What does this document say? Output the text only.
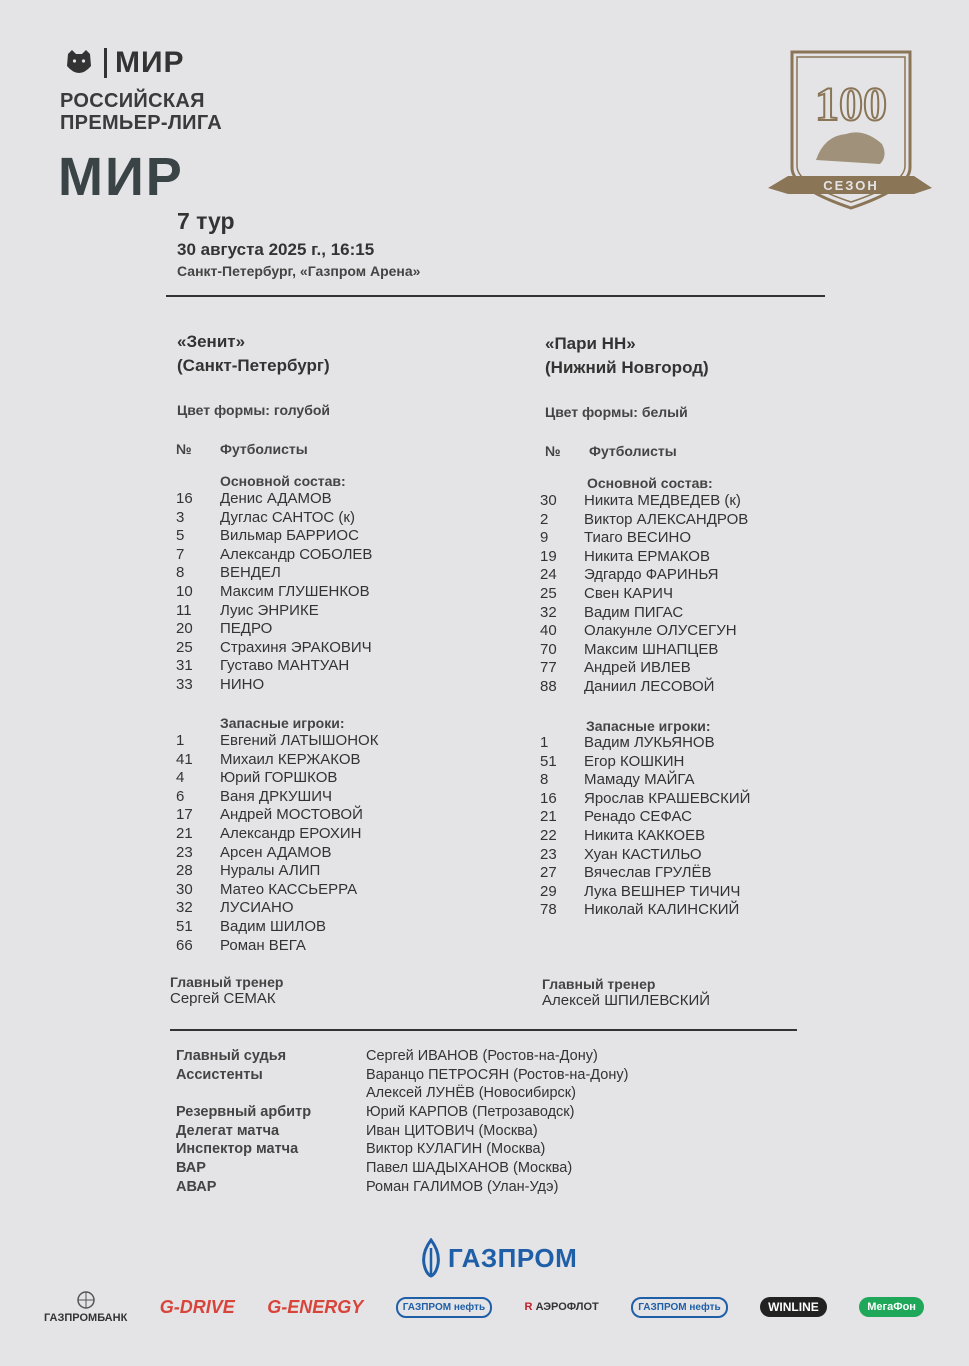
МИР
РОССИЙСКАЯ
ПРЕМЬЕР-ЛИГА
МИР
100
СЕЗОН
7 тур
30 августа 2025 г., 16:15
Санкт-Петербург, «Газпром Арена»
«Зенит»
(Санкт-Петербург)
Цвет формы: голубой
№ Футболисты
Основной состав:
16 Денис АДАМОВ
3 Дуглас САНТОС (к)
5 Вильмар БАРРИОС
7 Александр СОБОЛЕВ
8 ВЕНДЕЛ
10 Максим ГЛУШЕНКОВ
11 Луис ЭНРИКЕ
20 ПЕДРО
25 Страхиня ЭРАКОВИЧ
31 Густаво МАНТУАН
33 НИНО
Запасные игроки:
1 Евгений ЛАТЫШОНОК
41 Михаил КЕРЖАКОВ
4 Юрий ГОРШКОВ
6 Ваня ДРКУШИЧ
17 Андрей МОСТОВОЙ
21 Александр ЕРОХИН
23 Арсен АДАМОВ
28 Нуралы АЛИП
30 Матео КАССЬЕРРА
32 ЛУСИАНО
51 Вадим ШИЛОВ
66 Роман ВЕГА
Главный тренер
Сергей СЕМАК
«Пари НН»
(Нижний Новгород)
Цвет формы: белый
№ Футболисты
Основной состав:
30 Никита МЕДВЕДЕВ (к)
2 Виктор АЛЕКСАНДРОВ
9 Тиаго ВЕСИНО
19 Никита ЕРМАКОВ
24 Эдгардо ФАРИНЬЯ
25 Свен КАРИЧ
32 Вадим ПИГАС
40 Олакунле ОЛУСЕГУН
70 Максим ШНАПЦЕВ
77 Андрей ИВЛЕВ
88 Даниил ЛЕСОВОЙ
Запасные игроки:
1 Вадим ЛУКЬЯНОВ
51 Егор КОШКИН
8 Мамаду МАЙГА
16 Ярослав КРАШЕВСКИЙ
21 Ренадо СЕФАС
22 Никита КАККОЕВ
23 Хуан КАСТИЛЬО
27 Вячеслав ГРУЛЁВ
29 Лука ВЕШНЕР ТИЧИЧ
78 Николай КАЛИНСКИЙ
Главный тренер
Алексей ШПИЛЕВСКИЙ
Главный судья	Сергей ИВАНОВ (Ростов-на-Дону)
Ассистенты	Варанцо ПЕТРОСЯН (Ростов-на-Дону)
Алексей ЛУНЁВ (Новосибирск)
Резервный арбитр	Юрий КАРПОВ (Петрозаводск)
Делегат матча	Иван ЦИТОВИЧ (Москва)
Инспектор матча	Виктор КУЛАГИН (Москва)
ВАР	Павел ШАДЫХАНОВ (Москва)
АВАР	Роман ГАЛИМОВ (Улан-Удэ)
ГАЗПРОМ
ГАЗПРОМБАНК
G-DRIVE G-ENERGY	ГАЗПРОМ нефть	R АЭРОФЛОТ	ГАЗПРОМ нефть	WINLINE	МегаФон
